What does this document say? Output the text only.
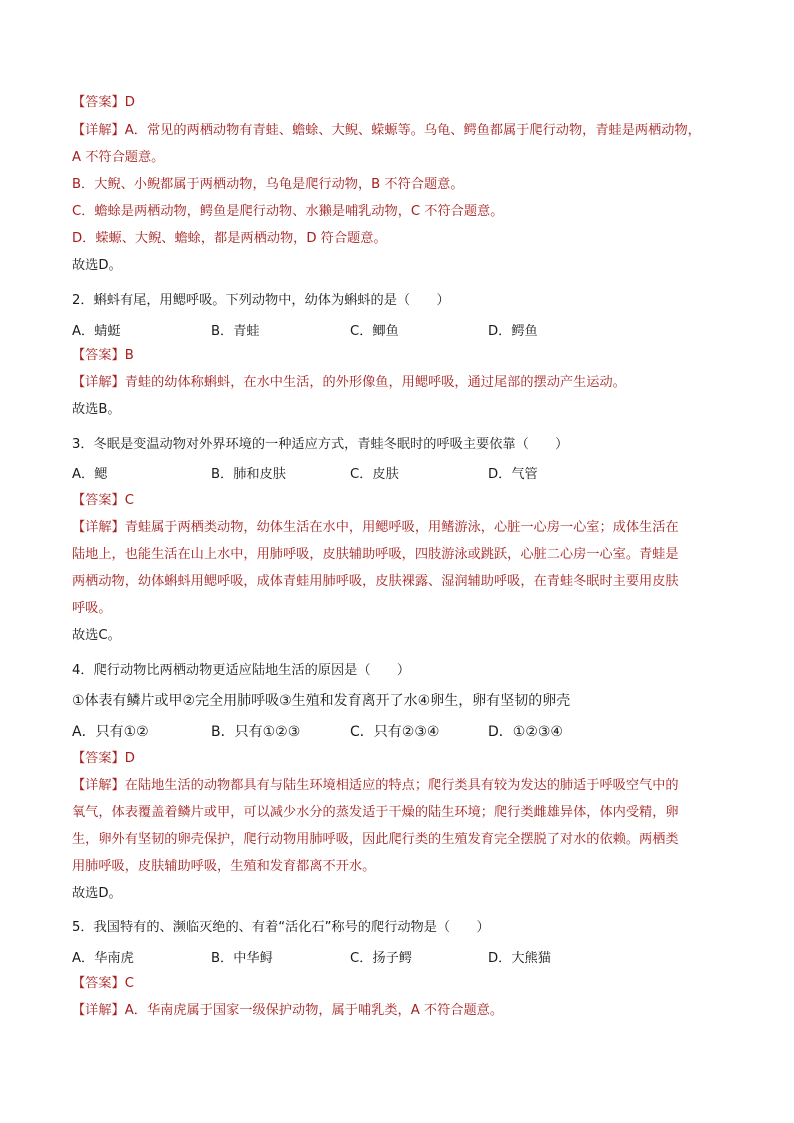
【答案】D
【详解】A．常见的两栖动物有青蛙、蟾蜍、大鲵、蝾螈等。乌龟、鳄鱼都属于爬行动物，青蛙是两栖动物，
A 不符合题意。
B．大鲵、小鲵都属于两栖动物，乌龟是爬行动物，B 不符合题意。
C．蟾蜍是两栖动物，鳄鱼是爬行动物、水獭是哺乳动物，C 不符合题意。
D．蝾螈、大鲵、蟾蜍，都是两栖动物，D 符合题意。
故选D。
2．蝌蚪有尾，用鳃呼吸。下列动物中，幼体为蝌蚪的是（　　）
A．蜻蜓	B．青蛙	C．鲫鱼	D．鳄鱼
【答案】B
【详解】青蛙的幼体称蝌蚪，在水中生活，的外形像鱼，用鳃呼吸，通过尾部的摆动产生运动。
故选B。
3．冬眠是变温动物对外界环境的一种适应方式，青蛙冬眠时的呼吸主要依靠（　　）
A．鳃	B．肺和皮肤	C．皮肤	D．气管
【答案】C
【详解】青蛙属于两栖类动物，幼体生活在水中，用鳃呼吸，用鳍游泳，心脏一心房一心室；成体生活在
陆地上，也能生活在山上水中，用肺呼吸，皮肤辅助呼吸，四肢游泳或跳跃，心脏二心房一心室。青蛙是
两栖动物，幼体蝌蚪用鳃呼吸，成体青蛙用肺呼吸，皮肤裸露、湿润辅助呼吸，在青蛙冬眠时主要用皮肤
呼吸。
故选C。
4．爬行动物比两栖动物更适应陆地生活的原因是（　　）
①体表有鳞片或甲②完全用肺呼吸③生殖和发育离开了水④卵生，卵有坚韧的卵壳
A．只有①②	B．只有①②③	C．只有②③④	D．①②③④
【答案】D
【详解】在陆地生活的动物都具有与陆生环境相适应的特点；爬行类具有较为发达的肺适于呼吸空气中的
氧气，体表覆盖着鳞片或甲，可以减少水分的蒸发适于干燥的陆生环境；爬行类雌雄异体，体内受精，卵
生，卵外有坚韧的卵壳保护，爬行动物用肺呼吸，因此爬行类的生殖发育完全摆脱了对水的依赖。两栖类
用肺呼吸，皮肤辅助呼吸，生殖和发育都离不开水。
故选D。
5．我国特有的、濒临灭绝的、有着“活化石”称号的爬行动物是（　　）
A．华南虎	B．中华鲟	C．扬子鳄	D．大熊猫
【答案】C
【详解】A．华南虎属于国家一级保护动物，属于哺乳类，A 不符合题意。
